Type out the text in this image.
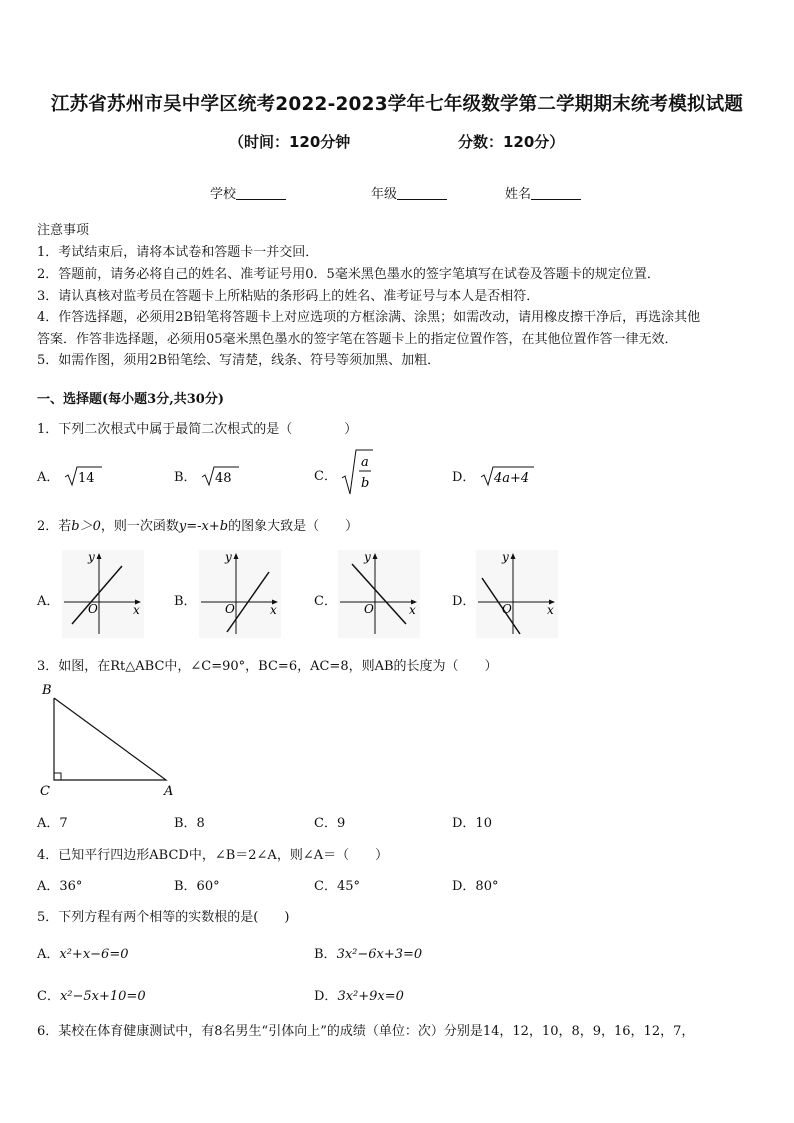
江苏省苏州市吴中学区统考2022-2023学年七年级数学第二学期期末统考模拟试题
（时间：120分钟	分数：120分）
学校	年级	姓名
注意事项
1．考试结束后，请将本试卷和答题卡一并交回．
2．答题前，请务必将自己的姓名、准考证号用0．5毫米黑色墨水的签字笔填写在试卷及答题卡的规定位置．
3．请认真核对监考员在答题卡上所粘贴的条形码上的姓名、准考证号与本人是否相符．
4．作答选择题，必须用2B铅笔将答题卡上对应选项的方框涂满、涂黑；如需改动，请用橡皮擦干净后，再选涂其他
答案．作答非选择题，必须用05毫米黑色墨水的签字笔在答题卡上的指定位置作答，在其他位置作答一律无效．
5．如需作图，须用2B铅笔绘、写清楚，线条、符号等须加黑、加粗．
一、选择题(每小题3分,共30分)
1．下列二次根式中属于最简二次根式的是（　　　　）
A． 14	B． 48	C．
a
b	D． 4a+4
2．若b＞0，则一次函数y=-x+b的图象大致是（　　）
A．
y
O	x
B．
y
O	x
C．
y
O	x
D．
y
O	x
3．如图，在Rt△ABC中，∠C=90°，BC=6，AC=8，则AB的长度为（　　）
B
C	A
A．7	B．8	C．9	D．10
4．已知平行四边形ABCD中，∠B＝2∠A，则∠A＝（　　）
A．36°	B．60°	C．45°	D．80°
5．下列方程有两个相等的实数根的是(　　)
A．x²+x−6=0	B．3x²−6x+3=0
C．x²−5x+10=0	D．3x²+9x=0
6．某校在体育健康测试中，有8名男生“引体向上”的成绩（单位：次）分别是14，12，10，8，9，16，12，7，
